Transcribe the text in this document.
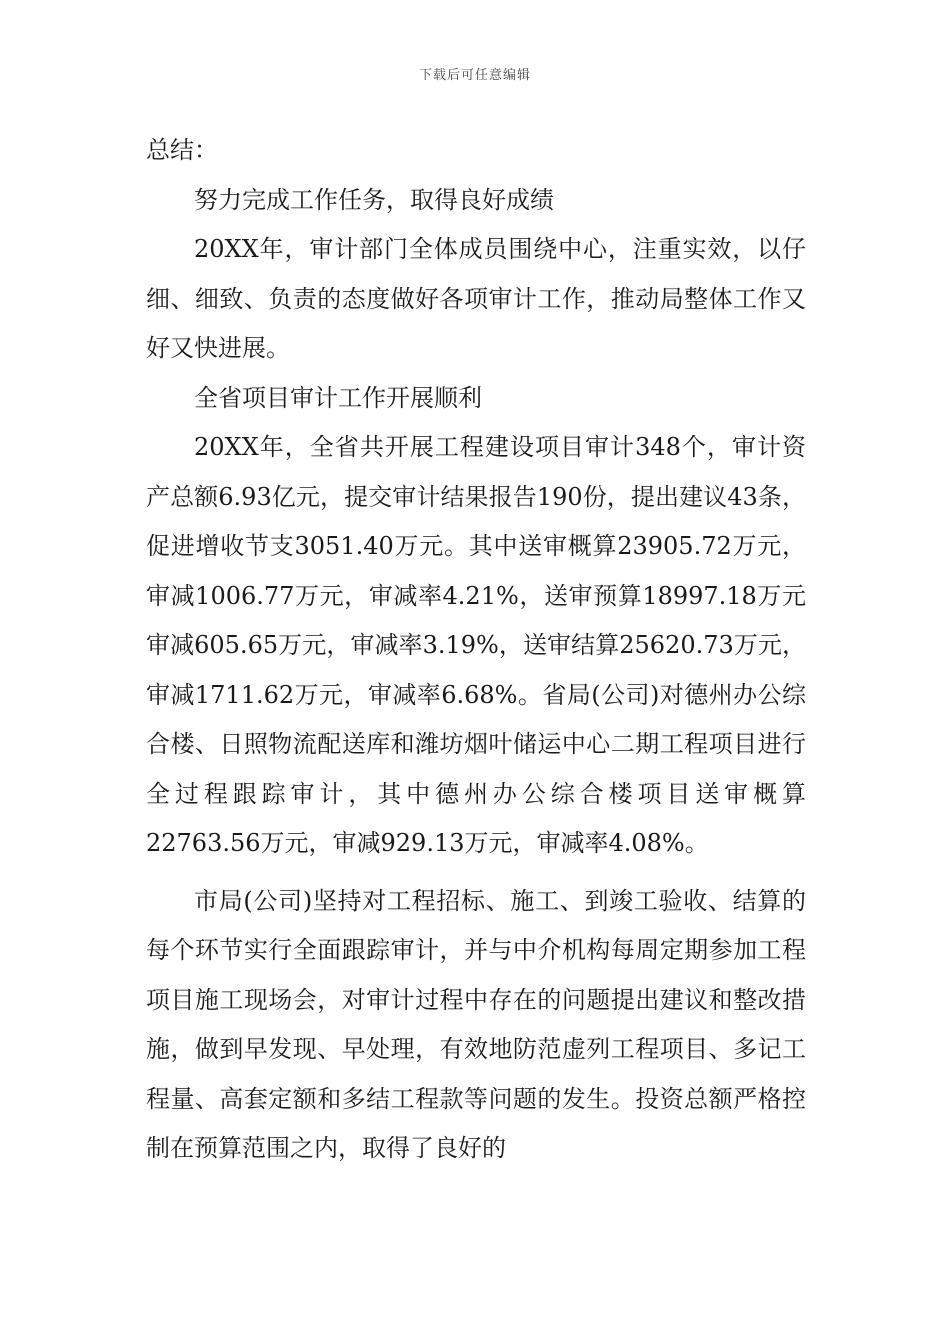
下载后可任意编辑

总结：

努力完成工作任务，取得良好成绩

20XX年，审计部门全体成员围绕中心，注重实效，以仔细、细致、负责的态度做好各项审计工作，推动局整体工作又好又快进展。

全省项目审计工作开展顺利

20XX年，全省共开展工程建设项目审计348个，审计资产总额6.93亿元，提交审计结果报告190份，提出建议43条，促进增收节支3051.40万元。其中送审概算23905.72万元，审减1006.77万元，审减率4.21%，送审预算18997.18万元审减605.65万元，审减率3.19%，送审结算25620.73万元，审减1711.62万元，审减率6.68%。省局(公司)对德州办公综合楼、日照物流配送库和潍坊烟叶储运中心二期工程项目进行全过程跟踪审计，其中德州办公综合楼项目送审概算22763.56万元，审减929.13万元，审减率4.08%。

市局(公司)坚持对工程招标、施工、到竣工验收、结算的每个环节实行全面跟踪审计，并与中介机构每周定期参加工程项目施工现场会，对审计过程中存在的问题提出建议和整改措施，做到早发现、早处理，有效地防范虚列工程项目、多记工程量、高套定额和多结工程款等问题的发生。投资总额严格控制在预算范围之内，取得了良好的
